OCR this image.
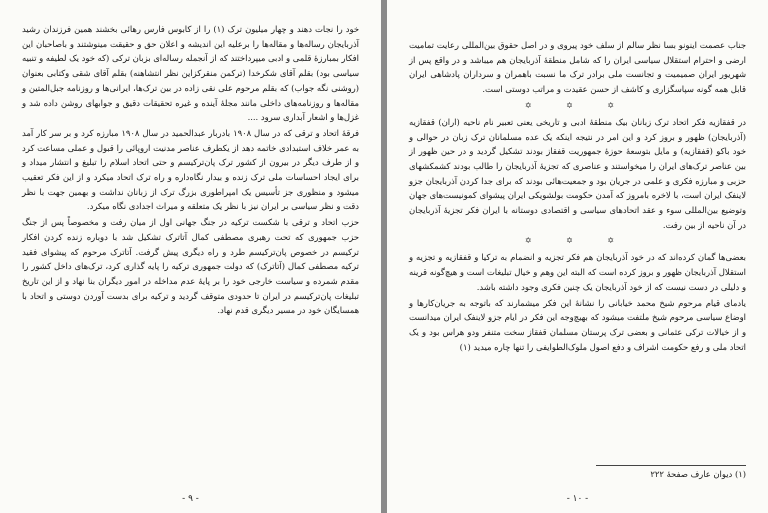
خود را نجات دهند و چهار میلیون ترک (۱) را از کابوس فارس رهائی بخشند همین فرزندان رشید آذربایجان رساله‌ها و مقاله‌ها را برعلیه این اندیشه و اعلان حق و حقیقت مینوشتند و باصاحبان این افکار بمبارزهٔ قلمی و ادبی میپرداختند که از آنجمله رساله‌ای بزبان ترکی (که خود یک لطیفه و تنبیه سیاسی بود) بقلم آقای شکرخدا (ترکمن منقرکزاین نظر انتشاهنه) بقلم آقای شقی وکتابی بعنوان (روشنی نگه جواب) که بقلم مرحوم علی نقی زاده در بین ترک‌ها، ایرانی‌ها و روزنامه جبل‌المتین و مقاله‌ها و روزنامه‌های داخلی مانند مجلهٔ آینده و غیره تحقیقات دقیق و جوابهای روشن داده شد و غزل‌ها و اشعار آبداری سرود ....

فرقهٔ اتحاد و ترقی که در سال ۱۹۰۸ بادربار عبدالحمید در سال ۱۹۰۸ مبارزه کرد و بر سر کار آمد به عمر خلاف استبدادی خاتمه دهد از یکطرف عناصر مدنیت اروپائی را قبول و عملی مساعت کرد و از طرف دیگر در بیرون از کشور ترک پان‌ترکیسم و حتی اتحاد اسلام را تبلیغ و انتشار میداد و برای ایجاد احساسات ملی ترک زنده و بیدار نگاه‌داره و راه ترک اتحاد میکرد و از این فکر تعقیب میشود و منظوری جز تأسیس یک امپراطوری بزرگ ترک از زبانان نداشت و بهمین جهت با نظر دقت و نظر سیاسی بر ایران نیز با نظر یک متعلقه و میراث اجدادی نگاه میکرد.

حزب اتحاد و ترقی با شکست ترکیه در جنگ جهانی اول از میان رفت و مخصوصاً پس از جنگ حزب جمهوری که تحت رهبری مصطفی کمال آتاترک تشکیل شد با دوباره زنده کردن افکار ترکیسم در خصوص پان‌ترکیسم طرد و راه دیگری پیش گرفت. آتاترک مرحوم که پیشوای فقید ترکیه مصطفی کمال (آتاترک) که دولت جمهوری ترکیه را پایه گذاری کرد، ترک‌های داخل کشور را مقدم شمرده و سیاست خارجی خود را بر پایهٔ عدم مداخله در امور دیگران بنا نهاد و از این تاریخ تبلیغات پان‌ترکیسم در ایران تا حدودی متوقف گردید و ترکیه برای بدست آوردن دوستی و اتحاد با همسایگان خود در مسیر دیگری قدم نهاد.

- ۹ -

جناب عصمت اینونو بسا نظر سالم از سلف خود پیروی و در اصل حقوق بین‌المللی رعایت تمامیت ارضی و احترام استقلال سیاسی ایران را که شامل منطقهٔ آذربایجان هم میباشد و در واقع پس از شهریور ایران صمیمیت و تجانست ملی برادر ترک ما نسبت باهمران و سرداران پادشاهی ایران قابل همه گونه سپاسگزاری و کاشف از حسن عقیدت و مراتب دوستی است.

✡ ✡ ✡

در قفقازیه فکر اتحاد ترک زبانان بیک منطقهٔ ادبی و تاریخی یعنی تعبیر نام ناحیه (اران) قفقازیه (آذربایجان) ظهور و بروز کرد و این امر در نتیجه اینکه یک عده مسلمانان ترک زبان در حوالی و خود باکو (قفقازیه) و مایل بتوسعهٔ حوزهٔ جمهوریت قفقاز بودند تشکیل گردید و در حین ظهور از بین عناصر ترک‌های ایران را میخواستند و عناصری که تجزیهٔ آذربایجان را طالب بودند کشمکشهای حزبی و مبارزه فکری و علمی در جریان بود و جمعیت‌هائی بودند که برای جدا کردن آذربایجان جزو لاینفک ایران است، با لاخره بامروز که آمدن حکومت بولشویکی ایران پیشوای کمونیست‌های جهان وتوضیع بین‌المللی سوء و عقد اتحادهای سیاسی و اقتصادی دوستانه با ایران فکر تجزیهٔ آذربایجان در آن ناحیه از بین رفت.

✡ ✡ ✡

بعضی‌ها گمان کرده‌اند که در خود آذربایجان هم فکر تجزیه و انضمام به ترکیا و قفقازیه و تجزیه و استقلال آذربایجان ظهور و بروز کرده است که البته این وهم و خیال تبلیغات است و هیچ‌گونه قرینه و دلیلی در دست نیست که از خود آذربایجان یک چنین فکری وجود داشته باشد.

یادمای قیام مرحوم شیخ محمد خیابانی را نشانهٔ این فکر میشمارند که باتوجه به جریان‌کارها و اوضاع سیاسی مرحوم شیخ ملتفت میشود که بهیچ‌وجه این فکر در ایام جزو لاینفک ایران میدانست و از خیالات ترکی عثمانی و بعضی ترک پرستان مسلمان قفقاز سخت متنفر ودو هراس بود و یک اتحاد ملی و رفع حکومت اشراف و دفع اصول ملوک‌الطوایفی را تنها چاره میدید (۱)

(۱) دیوان عارف صفحهٔ ۲۲۲
- ۱۰ -
